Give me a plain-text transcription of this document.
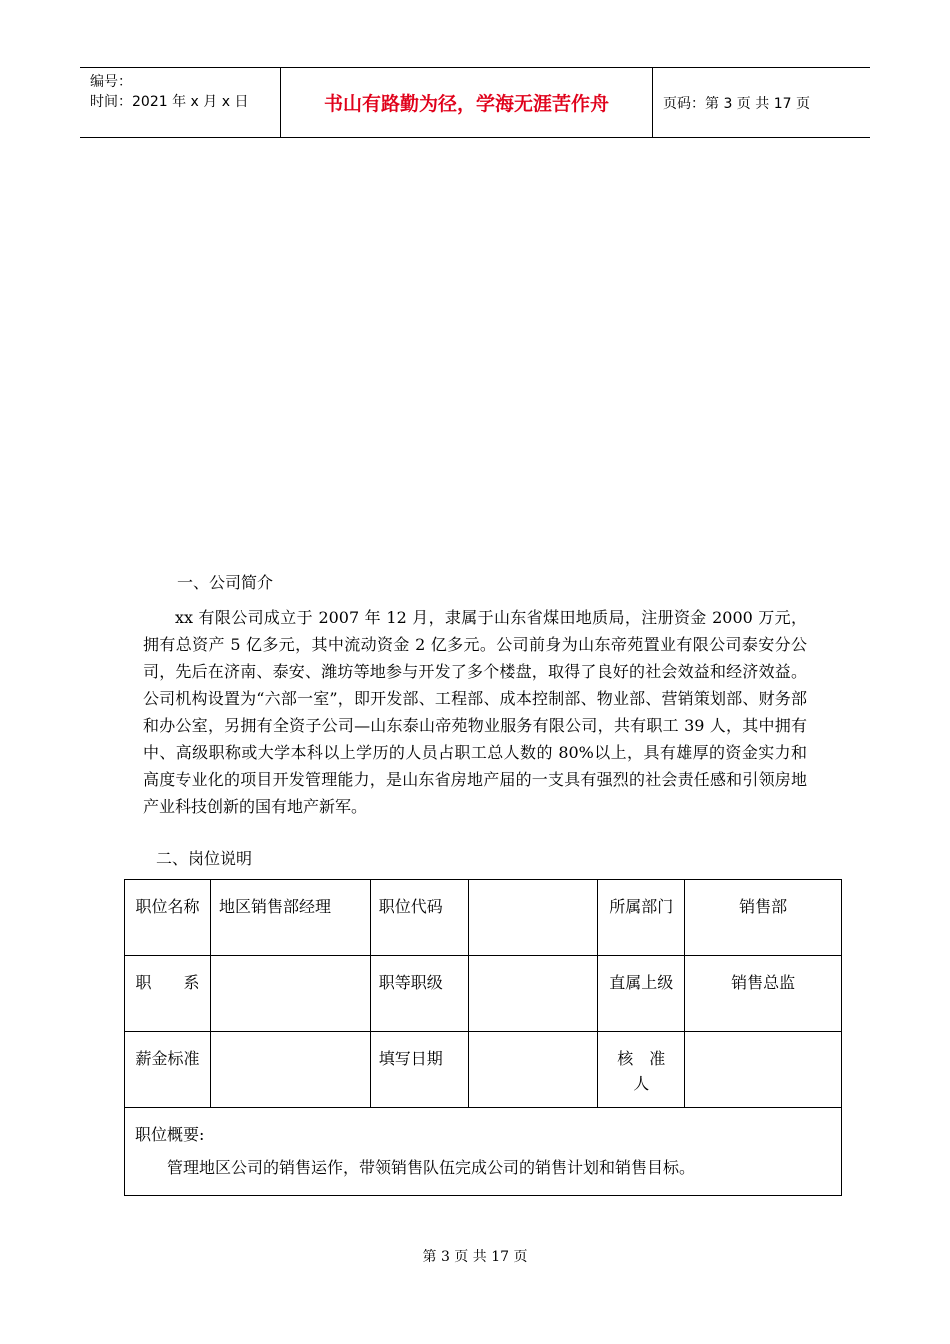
编号：
时间：2021 年 x 月 x 日	书山有路勤为径，学海无涯苦作舟	页码：第 3 页 共 17 页
一、公司简介
xx 有限公司成立于 2007 年 12 月，隶属于山东省煤田地质局，注册资金 2000 万元，拥有总资产 5 亿多元，其中流动资金 2 亿多元。公司前身为山东帝苑置业有限公司泰安分公司，先后在济南、泰安、潍坊等地参与开发了多个楼盘，取得了良好的社会效益和经济效益。公司机构设置为“六部一室”，即开发部、工程部、成本控制部、物业部、营销策划部、财务部和办公室，另拥有全资子公司—山东泰山帝苑物业服务有限公司，共有职工 39 人，其中拥有中、高级职称或大学本科以上学历的人员占职工总人数的 80%以上，具有雄厚的资金实力和高度专业化的项目开发管理能力，是山东省房地产届的一支具有强烈的社会责任感和引领房地产业科技创新的国有地产新军。
二、岗位说明
职位名称	地区销售部经理	职位代码		所属部门	销售部
职　　系		职等职级		直属上级	销售总监
薪金标准		填写日期		核　准　人	

职位概要:
管理地区公司的销售运作，带领销售队伍完成公司的销售计划和销售目标。					
第 3 页 共 17 页
